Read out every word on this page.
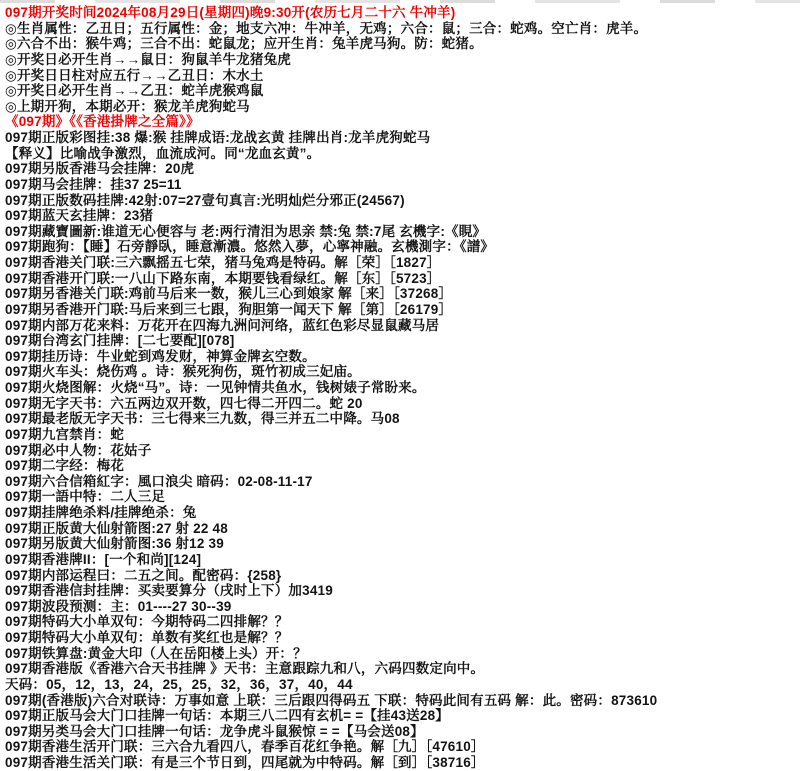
097期开奖时间2024年08月29日(星期四)晚9:30开(农历七月二十六 牛冲羊)
◎生肖属性：乙丑日；五行属性：金；地支六冲：牛冲羊，无鸡；六合：鼠；三合：蛇鸡。空亡肖：虎羊。
◎六合不出：猴牛鸡；三合不出：蛇鼠龙；应开生肖：兔羊虎马狗。防：蛇猪。
◎开奖日必开生肖→→鼠日：狗鼠羊牛龙猪兔虎
◎开奖日日柱对应五行→→乙丑日：木水土
◎开奖日必开生肖→→乙丑：蛇羊虎猴鸡鼠
◎上期开狗，本期必开：猴龙羊虎狗蛇马
《097期》《《香港掛牌之全篇》》
097期正版彩图挂:38 爆:猴 挂牌成语:龙战玄黄 挂牌出肖:龙羊虎狗蛇马
【释义】比喻战争激烈，血流成河。同“龙血玄黄”。
097期另版香港马会挂牌：20虎
097期马会挂牌：挂37 25=11
097期正版数码挂牌:42射:07=27壹句真言:光明灿烂分邪正(24567)
097期蓝天玄挂牌：23猪
097期藏寶圖新:谁道无心便容与 老:两行清泪为思亲 禁:兔 禁:7尾 玄機字:《睍》
097期跑狗：【睡】石旁靜臥，睡意漸濃。悠然入夢，心寧神融。玄機測字：《譜》
097期香港关门联:三六飘摇五七荣，猪马兔鸡是特码。解［荣］［1827］
097期香港开门联:一八山下路东南，本期要钱看绿红。解［东］［5723］
097期另香港关门联:鸡前马后来一数，猴儿三心到娘家 解［来］［37268］
097期另香港开门联:马后来到三七跟，狗胆第一闻天下 解［第］［26179］
097期内部万花来料：万花开在四海九洲问河络，蓝红色彩尽显鼠藏马居
097期台湾玄门挂牌：[二七要配][078]
097期挂历诗：牛业蛇到鸡发财，神算金牌玄空数。
097期火车头：烧伤鸡 。诗：猴死狗伤，斑竹初成三妃庙。
097期火烧图解：火烧“马”。诗：一见钟情共鱼水，钱树婊子常盼来。
097期无字天书：六五两边双开数，四七得二开四二。蛇 20
097期最老版无字天书：三七得来三九数，得三并五二中降。马08
097期九宫禁肖：蛇
097期必中人物：花姑子
097期二字经：梅花
097期六合信箱紅字：風口浪尖 暗码：02-08-11-17
097期一語中特：二人三足
097期挂牌绝杀料/挂牌绝杀：兔
097期正版黄大仙射箭图:27 射 22 48
097期另版黄大仙射箭图:36 射12 39
097期香港牌II：[一个和尚][124]
097期内部运程曰：二五之间。配密码：{258}
097期香港信封挂牌：买卖要算分（戌时上下）加3419
097期波段预测：主：01----27 30--39
097期特码大小单双句：今期特码二四排解？？
097期特码大小单双句：单数有奖红也是解？？
097期铁算盘:黄金大印（人在岳阳楼上头）开：？
097期香港版《香港六合天书挂牌 》天书：主意跟踪九和八，六码四数定向中。
天码：05，12，13，24，25，25，32，36，37，40，44
097期(香港版)六合对联诗：万事如意 上联：三后跟四得码五 下联：特码此间有五码 解：此。密码：873610
097期正版马会大门口挂牌一句话：本期三八二四有玄机= =【挂43送28】
097期另类马会大门口挂牌一句话：龙争虎斗鼠猴惊 = =【马会送08】
097期香港生活开门联：三六合九看四八，春季百花红争艳。解［九］［47610］
097期香港生活关门联：有是三个节日到，四尾就为中特码。解［到］［38716］
